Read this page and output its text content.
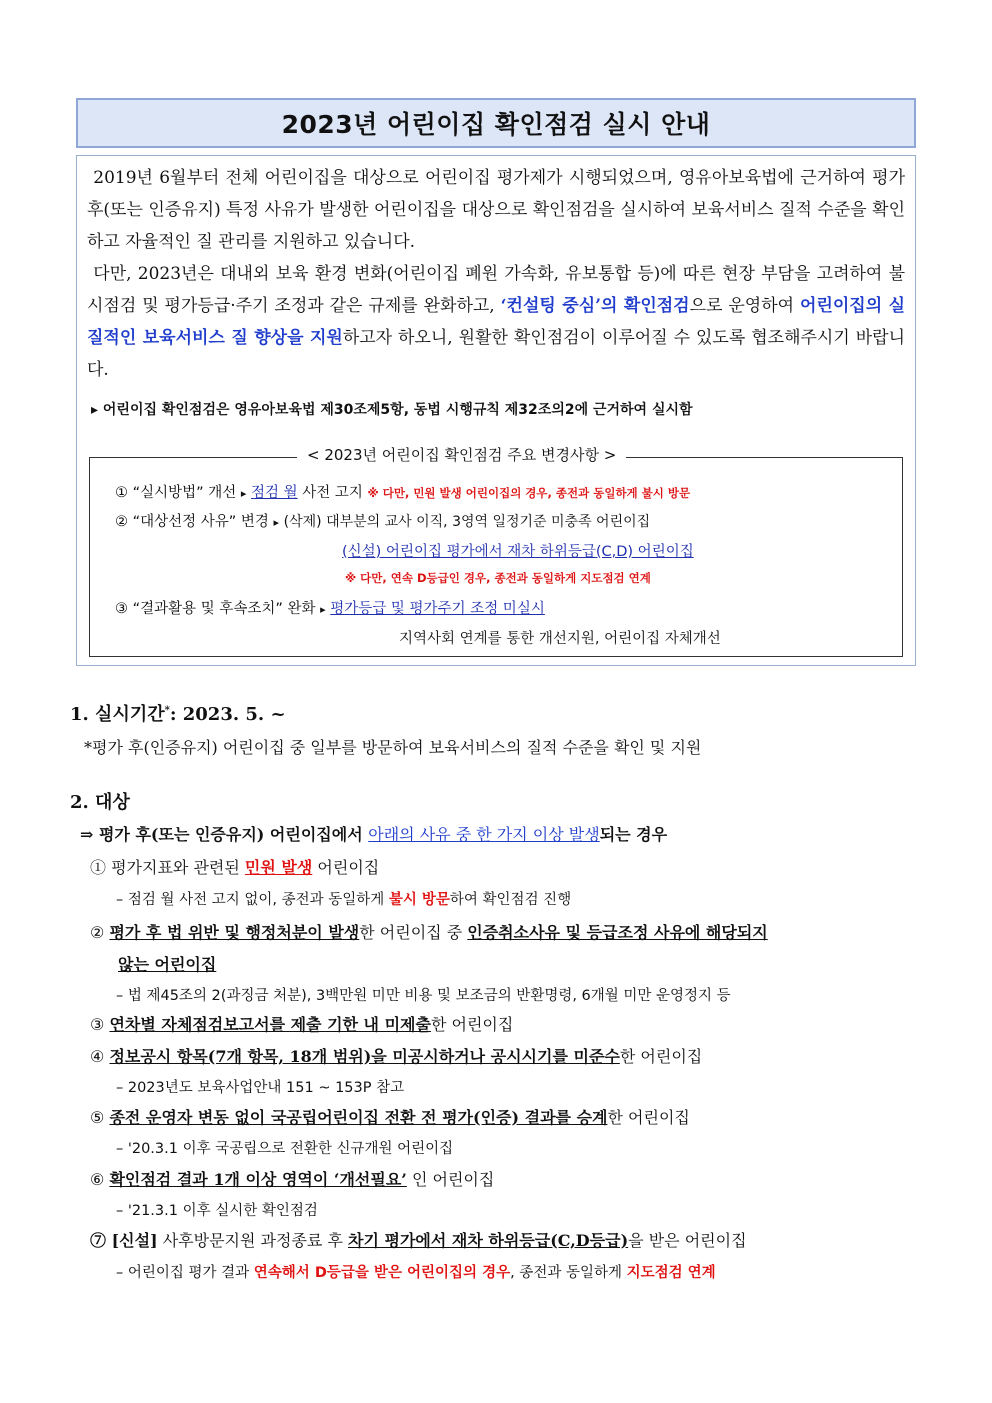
2023년 어린이집 확인점검 실시 안내
2019년 6월부터 전체 어린이집을 대상으로 어린이집 평가제가 시행되었으며, 영유아보육법에 근거하여 평가 후(또는 인증유지) 특정 사유가 발생한 어린이집을 대상으로 확인점검을 실시하여 보육서비스 질적 수준을 확인하고 자율적인 질 관리를 지원하고 있습니다.
다만, 2023년은 대내외 보육 환경 변화(어린이집 폐원 가속화, 유보통합 등)에 따른 현장 부담을 고려하여 불시점검 및 평가등급·주기 조정과 같은 규제를 완화하고, ‘컨설팅 중심’의 확인점검으로 운영하여 어린이집의 실질적인 보육서비스 질 향상을 지원하고자 하오니, 원활한 확인점검이 이루어질 수 있도록 협조해주시기 바랍니다.
▸ 어린이집 확인점검은 영유아보육법 제30조제5항, 동법 시행규칙 제32조의2에 근거하여 실시함
< 2023년 어린이집 확인점검 주요 변경사항 >
① “실시방법” 개선 ▸ 점검 월 사전 고지 ※ 다만, 민원 발생 어린이집의 경우, 종전과 동일하게 불시 방문
② “대상선정 사유” 변경 ▸ (삭제) 대부분의 교사 이직, 3영역 일정기준 미충족 어린이집
(신설) 어린이집 평가에서 재차 하위등급(C,D) 어린이집
※ 다만, 연속 D등급인 경우, 종전과 동일하게 지도점검 연계
③ “결과활용 및 후속조치” 완화 ▸ 평가등급 및 평가주기 조정 미실시
지역사회 연계를 통한 개선지원, 어린이집 자체개선
1. 실시기간*: 2023. 5. ~
*평가 후(인증유지) 어린이집 중 일부를 방문하여 보육서비스의 질적 수준을 확인 및 지원
2. 대상
⇒ 평가 후(또는 인증유지) 어린이집에서 아래의 사유 중 한 가지 이상 발생되는 경우
① 평가지표와 관련된 민원 발생 어린이집
– 점검 월 사전 고지 없이, 종전과 동일하게 불시 방문하여 확인점검 진행
② 평가 후 법 위반 및 행정처분이 발생한 어린이집 중 인증취소사유 및 등급조정 사유에 해당되지
않는 어린이집
– 법 제45조의 2(과징금 처분), 3백만원 미만 비용 및 보조금의 반환명령, 6개월 미만 운영정지 등
③ 연차별 자체점검보고서를 제출 기한 내 미제출한 어린이집
④ 정보공시 항목(7개 항목, 18개 범위)을 미공시하거나 공시시기를 미준수한 어린이집
– 2023년도 보육사업안내 151 ~ 153P 참고
⑤ 종전 운영자 변동 없이 국공립어린이집 전환 전 평가(인증) 결과를 승계한 어린이집
– '20.3.1 이후 국공립으로 전환한 신규개원 어린이집
⑥ 확인점검 결과 1개 이상 영역이 ‘개선필요’ 인 어린이집
– '21.3.1 이후 실시한 확인점검
⑦ [신설] 사후방문지원 과정종료 후 차기 평가에서 재차 하위등급(C,D등급)을 받은 어린이집
– 어린이집 평가 결과 연속해서 D등급을 받은 어린이집의 경우, 종전과 동일하게 지도점검 연계
